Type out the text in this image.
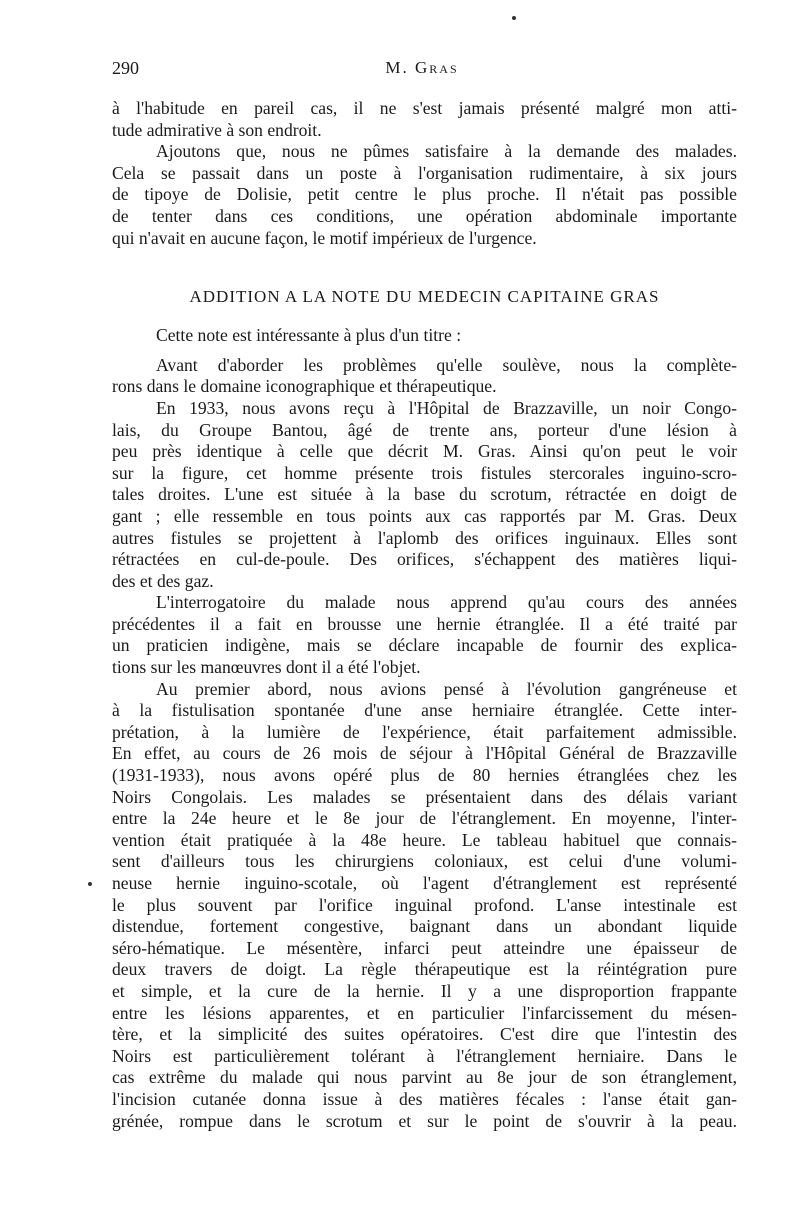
290	M. Gras
à l'habitude en pareil cas, il ne s'est jamais présenté malgré mon atti-
tude admirative à son endroit.
Ajoutons que, nous ne pûmes satisfaire à la demande des malades.
Cela se passait dans un poste à l'organisation rudimentaire, à six jours
de tipoye de Dolisie, petit centre le plus proche. Il n'était pas possible
de tenter dans ces conditions, une opération abdominale importante
qui n'avait en aucune façon, le motif impérieux de l'urgence.
ADDITION A LA NOTE DU MEDECIN CAPITAINE GRAS
Cette note est intéressante à plus d'un titre :
Avant d'aborder les problèmes qu'elle soulève, nous la complète-
rons dans le domaine iconographique et thérapeutique.
En 1933, nous avons reçu à l'Hôpital de Brazzaville, un noir Congo-
lais, du Groupe Bantou, âgé de trente ans, porteur d'une lésion à
peu près identique à celle que décrit M. Gras. Ainsi qu'on peut le voir
sur la figure, cet homme présente trois fistules stercorales inguino-scro-
tales droites. L'une est située à la base du scrotum, rétractée en doigt de
gant ; elle ressemble en tous points aux cas rapportés par M. Gras. Deux
autres fistules se projettent à l'aplomb des orifices inguinaux. Elles sont
rétractées en cul-de-poule. Des orifices, s'échappent des matières liqui-
des et des gaz.
L'interrogatoire du malade nous apprend qu'au cours des années
précédentes il a fait en brousse une hernie étranglée. Il a été traité par
un praticien indigène, mais se déclare incapable de fournir des explica-
tions sur les manœuvres dont il a été l'objet.
Au premier abord, nous avions pensé à l'évolution gangréneuse et
à la fistulisation spontanée d'une anse herniaire étranglée. Cette inter-
prétation, à la lumière de l'expérience, était parfaitement admissible.
En effet, au cours de 26 mois de séjour à l'Hôpital Général de Brazzaville
(1931-1933), nous avons opéré plus de 80 hernies étranglées chez les
Noirs Congolais. Les malades se présentaient dans des délais variant
entre la 24e heure et le 8e jour de l'étranglement. En moyenne, l'inter-
vention était pratiquée à la 48e heure. Le tableau habituel que connais-
sent d'ailleurs tous les chirurgiens coloniaux, est celui d'une volumi-
neuse hernie inguino-scotale, où l'agent d'étranglement est représenté
le plus souvent par l'orifice inguinal profond. L'anse intestinale est
distendue, fortement congestive, baignant dans un abondant liquide
séro-hématique. Le mésentère, infarci peut atteindre une épaisseur de
deux travers de doigt. La règle thérapeutique est la réintégration pure
et simple, et la cure de la hernie. Il y a une disproportion frappante
entre les lésions apparentes, et en particulier l'infarcissement du mésen-
tère, et la simplicité des suites opératoires. C'est dire que l'intestin des
Noirs est particulièrement tolérant à l'étranglement herniaire. Dans le
cas extrême du malade qui nous parvint au 8e jour de son étranglement,
l'incision cutanée donna issue à des matières fécales : l'anse était gan-
grénée, rompue dans le scrotum et sur le point de s'ouvrir à la peau.
